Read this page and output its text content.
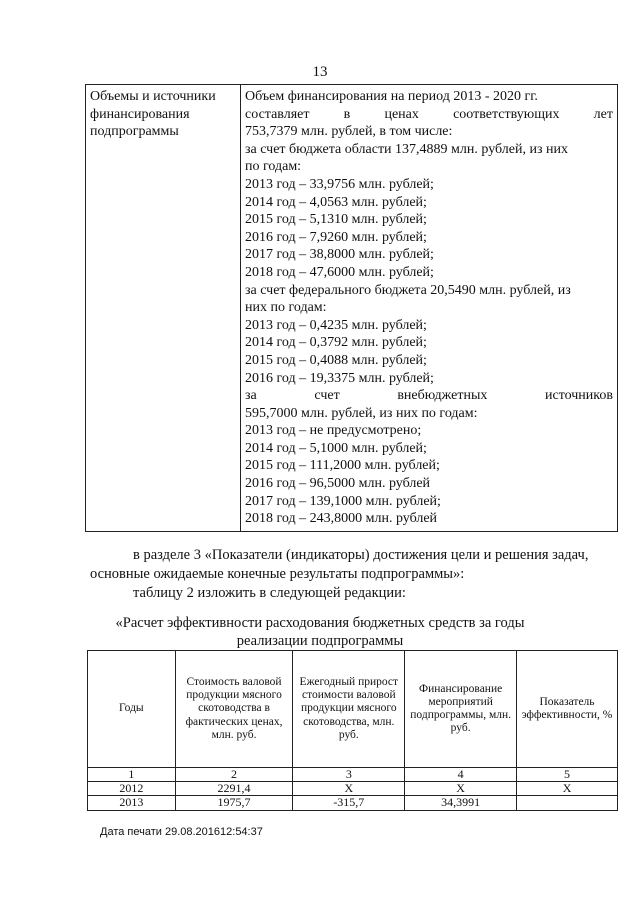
13
Объемы и источники финансирования подпрограммы	
Объем финансирования на период 2013 - 2020 гг.
составляет в ценах соответствующих лет
753,7379 млн. рублей, в том числе:
за счет бюджета области 137,4889 млн. рублей, из них
по годам:
2013 год – 33,9756 млн. рублей;
2014 год – 4,0563 млн. рублей;
2015 год – 5,1310 млн. рублей;
2016 год – 7,9260 млн. рублей;
2017 год – 38,8000 млн. рублей;
2018 год – 47,6000 млн. рублей;
за счет федерального бюджета 20,5490 млн. рублей, из
них по годам:
2013 год – 0,4235 млн. рублей;
2014 год – 0,3792 млн. рублей;
2015 год – 0,4088 млн. рублей;
2016 год – 19,3375 млн. рублей;
за счет внебюджетных источников
595,7000 млн. рублей, из них по годам:
2013 год – не предусмотрено;
2014 год – 5,1000 млн. рублей;
2015 год – 111,2000 млн. рублей;
2016 год – 96,5000 млн. рублей
2017 год – 139,1000 млн. рублей;
2018 год – 243,8000 млн. рублей
в разделе 3 «Показатели (индикаторы) достижения цели и решения задач,
основные ожидаемые конечные результаты подпрограммы»:
таблицу 2 изложить в следующей редакции:
«Расчет эффективности расходования бюджетных средств за годы
реализации подпрограммы
Годы	Стоимость валовой продукции мясного скотоводства в фактических ценах, млн. руб.	Ежегодный прирост стоимости валовой продукции мясного скотоводства, млн. руб.	Финансирование мероприятий подпрограммы, млн. руб.	Показатель эффективности, %
1	2	3	4	5
2012	2291,4	X	X	X
2013	1975,7	-315,7	34,3991	
Дата печати 29.08.201612:54:37
